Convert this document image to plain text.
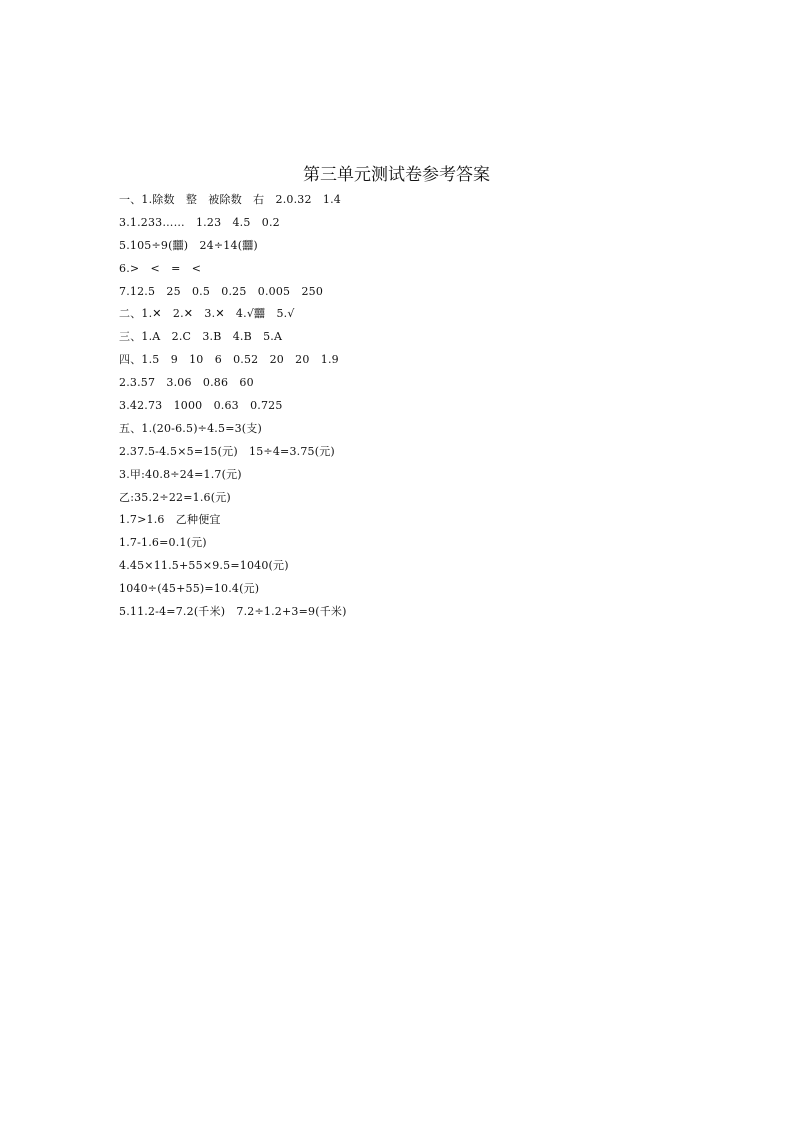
第三单元测试卷参考答案
一、1.除数　整　被除数　右　2.0.32　1.4
3.1.233……　1.23　4.5　0.2
5.105÷9(䨻)　24÷14(䨻)
6.>　<　=　<
7.12.5　25　0.5　0.25　0.005　250
二、1.✕　2.✕　3.✕　4.√䨻　5.√
三、1.A　2.C　3.B　4.B　5.A
四、1.5　9　10　6　0.52　20　20　1.9
2.3.57　3.06　0.86　60
3.42.73　1000　0.63　0.725
五、1.(20-6.5)÷4.5=3(支)
2.37.5-4.5×5=15(元)　15÷4=3.75(元)
3.甲:40.8÷24=1.7(元)
乙:35.2÷22=1.6(元)
1.7>1.6　乙种便宜
1.7-1.6=0.1(元)
4.45×11.5+55×9.5=1040(元)
1040÷(45+55)=10.4(元)
5.11.2-4=7.2(千米)　7.2÷1.2+3=9(千米)
